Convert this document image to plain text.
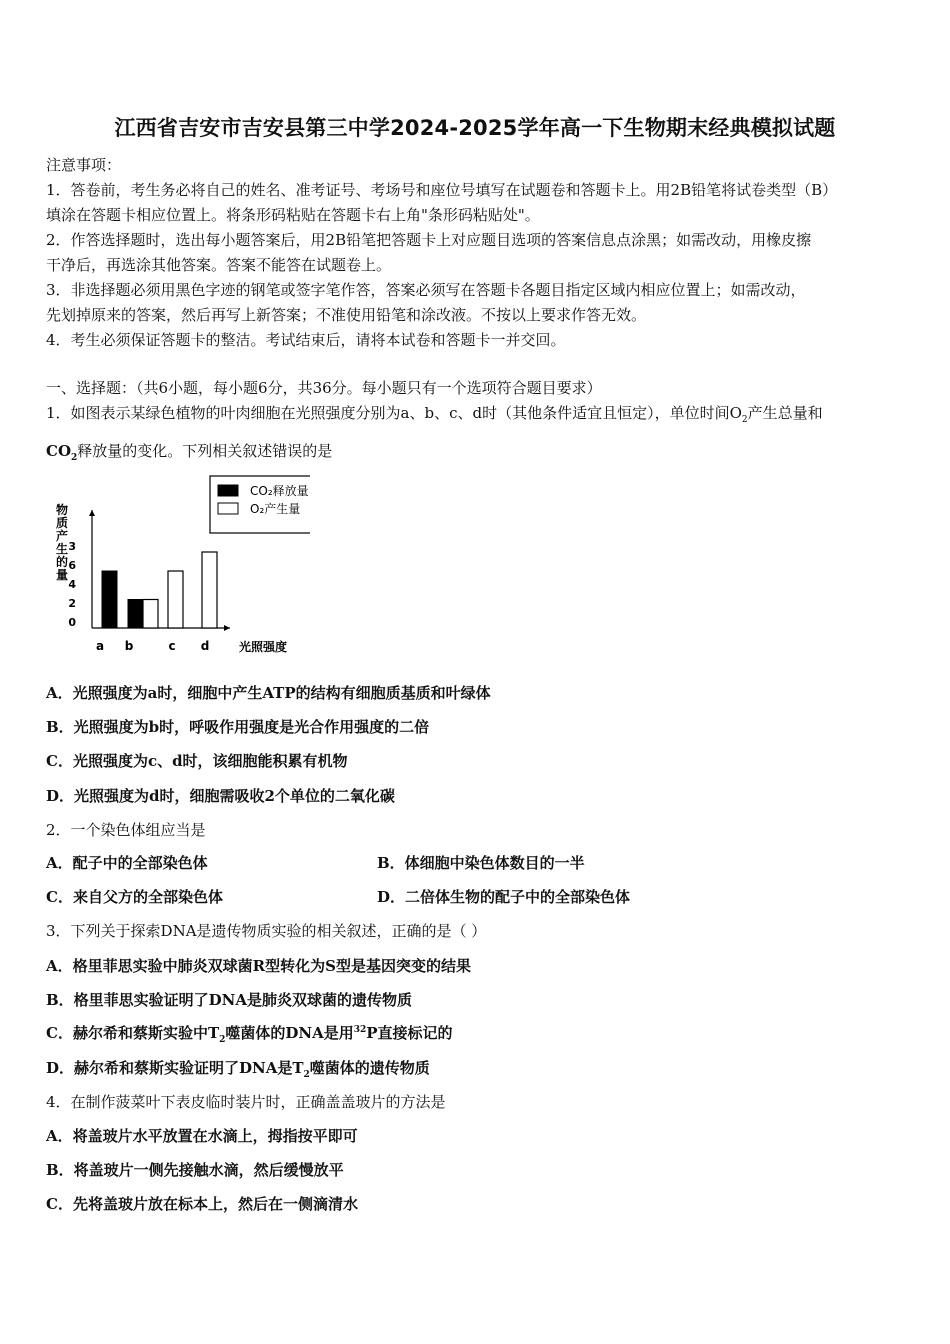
江西省吉安市吉安县第三中学2024-2025学年高一下生物期末经典模拟试题
注意事项：
1．答卷前，考生务必将自己的姓名、准考证号、考场号和座位号填写在试题卷和答题卡上。用2B铅笔将试卷类型（B）
填涂在答题卡相应位置上。将条形码粘贴在答题卡右上角"条形码粘贴处"。
2．作答选择题时，选出每小题答案后，用2B铅笔把答题卡上对应题目选项的答案信息点涂黑；如需改动，用橡皮擦
干净后，再选涂其他答案。答案不能答在试题卷上。
3．非选择题必须用黑色字迹的钢笔或签字笔作答，答案必须写在答题卡各题目指定区域内相应位置上；如需改动，
先划掉原来的答案，然后再写上新答案；不准使用铅笔和涂改液。不按以上要求作答无效。
4．考生必须保证答题卡的整洁。考试结束后，请将本试卷和答题卡一并交回。
一、选择题：（共6小题，每小题6分，共36分。每小题只有一个选项符合题目要求）
1．如图表示某绿色植物的叶肉细胞在光照强度分别为a、b、c、d时（其他条件适宜且恒定），单位时间$O_2$产生总量和
$CO_2$释放量的变化。下列相关叙述错误的是
物质产生的量
光照强度
0
2
4
6
3
a b	c d
CO₂释放量
O₂产生量
A．光照强度为a时，细胞中产生ATP的结构有细胞质基质和叶绿体
B．光照强度为b时，呼吸作用强度是光合作用强度的二倍
C．光照强度为c、d时，该细胞能积累有机物
D．光照强度为d时，细胞需吸收2个单位的二氧化碳
2．一个染色体组应当是
A．配子中的全部染色体	B．体细胞中染色体数目的一半
C．来自父方的全部染色体	D．二倍体生物的配子中的全部染色体
3．下列关于探索DNA是遗传物质实验的相关叙述，正确的是（ ）
A．格里菲思实验中肺炎双球菌R型转化为S型是基因突变的结果
B．格里菲思实验证明了DNA是肺炎双球菌的遗传物质
C．赫尔希和蔡斯实验中$T_2$噬菌体的DNA是用$^{32}$P直接标记的
D．赫尔希和蔡斯实验证明了DNA是$T_2$噬菌体的遗传物质
4．在制作菠菜叶下表皮临时装片时，正确盖盖玻片的方法是
A．将盖玻片水平放置在水滴上，拇指按平即可
B．将盖玻片一侧先接触水滴，然后缓慢放平
C．先将盖玻片放在标本上，然后在一侧滴清水
